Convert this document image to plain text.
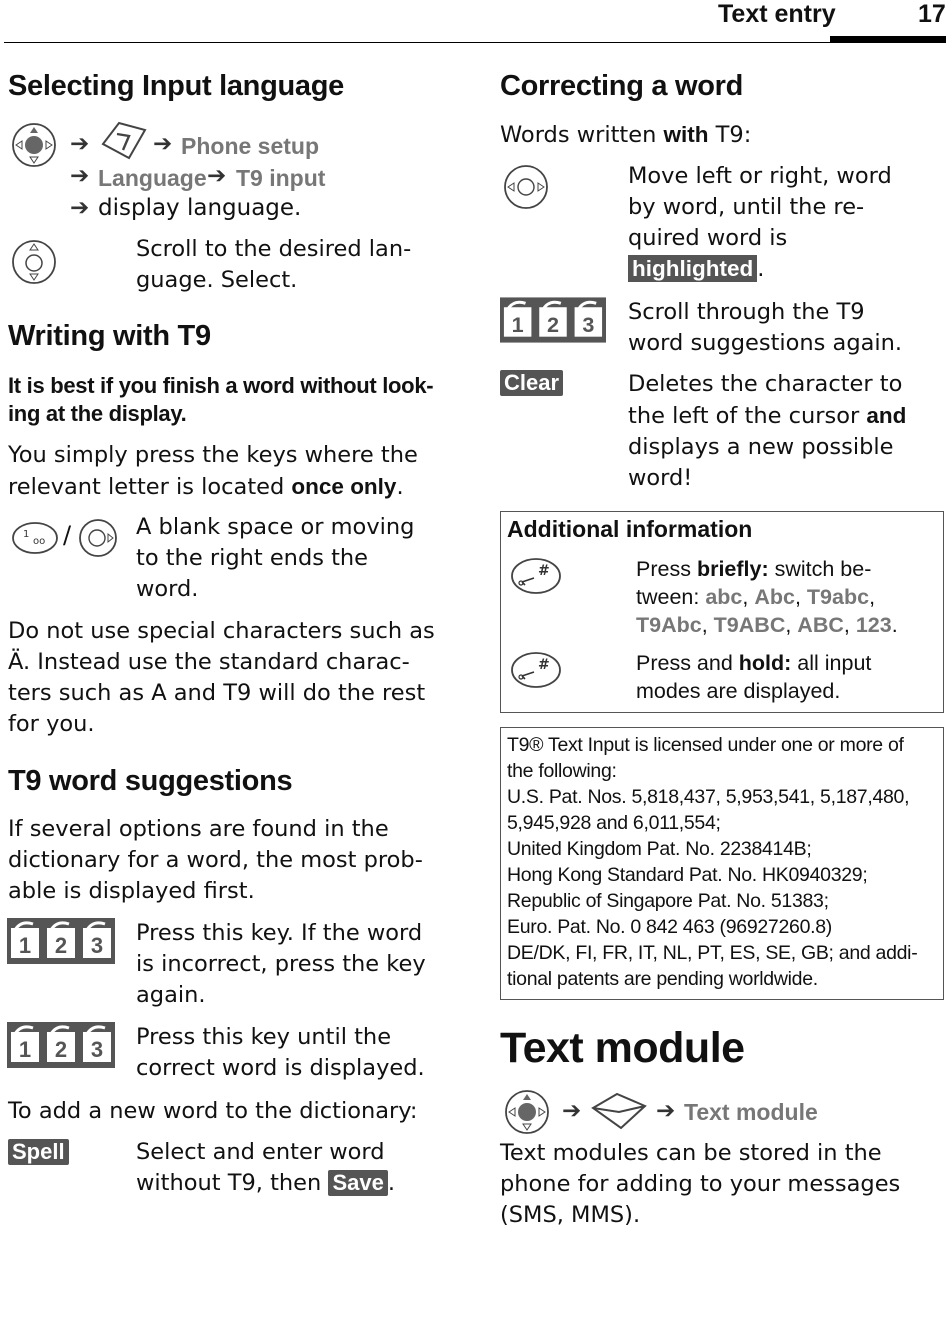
Text entry	17
Selecting Input language
➔	➔ Phone setup
➔ Language ➔ T9 input
➔ display language.
Scroll to the desired lan-
guage. Select.
Writing with T9
It is best if you finish a word without look-
ing at the display.
You simply press the keys where the
relevant letter is located once only.
1
oo /	A blank space or moving
to the right ends the
word.
Do not use special characters such as
Ä. Instead use the standard charac-
ters such as A and T9 will do the rest
for you.
T9 word suggestions
If several options are found in the
dictionary for a word, the most prob-
able is displayed first.
1 2 3 Press this key. If the word
is incorrect, press the key
again.
1 2 3 Press this key until the
correct word is displayed.
To add a new word to the dictionary:
Spell	Select and enter word
without T9, then Save .
Correcting a word
Words written with T9:
Move left or right, word
by word, until the re-
quired word is
highlighted .
1 2 3 Scroll through the T9
word suggestions again.
Clear	Deletes the character to
the left of the cursor and
displays a new possible
word!
Additional information
#	Press briefly: switch be-
tween: abc, Abc, T9abc,
T9Abc, T9ABC, ABC, 123.
#	Press and hold: all input
modes are displayed.
T9® Text Input is licensed under one or more of
the following:
U.S. Pat. Nos. 5,818,437, 5,953,541, 5,187,480,
5,945,928 and 6,011,554;
United Kingdom Pat. No. 2238414B;
Hong Kong Standard Pat. No. HK0940329;
Republic of Singapore Pat. No. 51383;
Euro. Pat. No. 0 842 463 (96927260.8)
DE/DK, FI, FR, IT, NL, PT, ES, SE, GB; and addi-
tional patents are pending worldwide.
Text module
➔	➔ Text module
Text modules can be stored in the
phone for adding to your messages
(SMS, MMS).
